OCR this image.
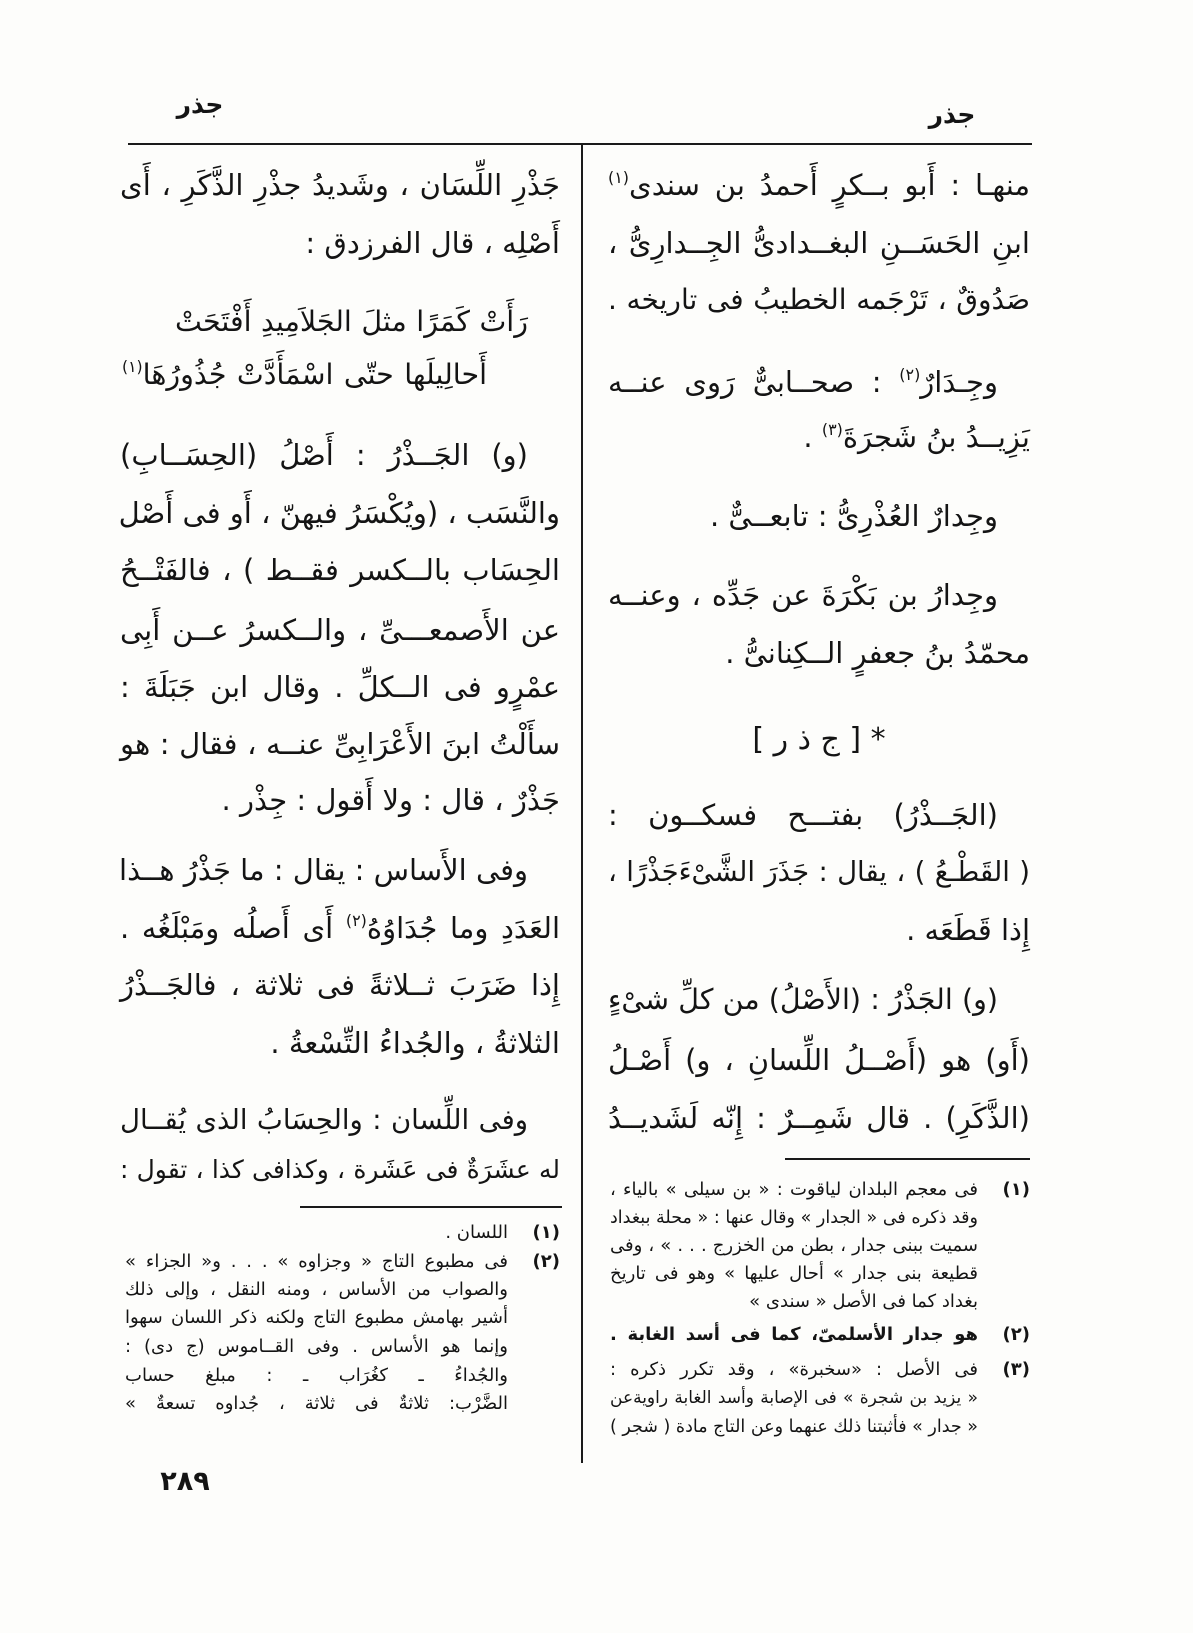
جذر
جذر
منهـا : أَبو بــكرٍ أَحمدُ بن سندى$^{(١)}$
ابنِ الحَسَــنِ البغــدادىُّ الجِــدارِىُّ ،
صَدُوقٌ ، تَرْجَمه الخطيبُ فى تاريخه .
وجِـدَارٌ$^{(٢)}$ : صحــابىٌّ رَوى عنــه
يَزِيــدُ بنُ شَجرَةَ$^{(٣)}$ .
وجِدارٌ العُذْرِىُّ : تابعــىٌّ .
وجِدارُ بن بَكْرَةَ عن جَدِّه ، وعنــه
محمّدُ بنُ جعفرٍ الــكِنانىُّ .
* [ ج ذ ر ]
(الجَــذْرُ) بفتـــح فسكــون :
( القَطْـعُ ) ، يقال : جَذَرَ الشَّىْءَجَذْرًا ،
إِذا قَطَعَه .
(و) الجَذْرُ : (الأَصْلُ) من كلِّ شىْءٍ
(أَو) هو (أَصْــلُ اللِّسانِ ، و) أَصْـلُ
(الذَّكَرِ) . قال شَمِــرٌ : إِنّه لَشَديــدُ
(١)
فى معجم البلدان لياقوت : « بن سيلى » بالياء ،
وقد ذكره فى « الجدار » وقال عنها : « محلة ببغداد
سميت ببنى جدار ، بطن من الخزرج . . . » ، وفى
قطيعة بنى جدار » أحال عليها » وهو فى تاريخ
بغداد كما فى الأصل « سندى »
(٢)
هو جدار الأسلمىّ، كما فى أسد الغابة .
(٣)
فى الأصل : «سخبرة» ، وقد تكرر ذكره :
« يزيد بن شجرة » فى الإصابة وأسد الغابة راويةعن
« جدار » فأثبتنا ذلك عنهما وعن التاج مادة ( شجر )
جَذْرِ اللِّسَان ، وشَديدُ جذْرِ الذَّكَرِ ، أَى
أَصْلِه ، قال الفرزدق :
رَأَتْ كَمَرًا مثلَ الجَلاَمِيدِ أَفْتَحَتْ
أَحالِيلَها حتّى اسْمَأَدَّتْ جُذُورُهَا$^{(١)}$
(و) الجَــذْرُ : أَصْلُ (الحِسَــابِ)
والنَّسَب ، (ويُكْسَرُ فيهنّ ، أَو فى أَصْل
الحِسَاب بالــكسر فقــط ) ، فالفَتْــحُ
عن الأَصمعـــىِّ ، والــكسرُ عــن أَبِى
عمْرٍو فى الــكلِّ . وقال ابن جَبَلَةَ :
سأَلْتُ ابنَ الأَعْرَابِىِّ عنــه ، فقال : هو
جَذْرٌ ، قال : ولا أَقول : جِذْر .
وفى الأَساس : يقال : ما جَذْرُ هــذا
العَدَدِ وما جُدَاوُهُ$^{(٢)}$ أَى أَصلُه ومَبْلَغُه .
إِذا ضَرَبَ ثــلاثةً فى ثلاثة ، فالجَــذْرُ
الثلاثةُ ، والجُداءُ التِّسْعةُ .
وفى اللِّسان : والحِسَابُ الذى يُقــال
له عشَرَةٌ فى عَشَرة ، وكذافى كذا ، تقول :
(١)
اللسان .
(٢)
فى مطبوع التاج « وجزاوه » . . . و« الجزاء »
والصواب من الأساس ، ومنه النقل ، وإلى ذلك
أشير بهامش مطبوع التاج ولكنه ذكر اللسان سهوا
وإنما هو الأساس . وفى القــاموس (ج دى) :
والجُداءُ ـ كغُرَاب ـ : مبلغ حساب
الضَّرْب: ثلاثةٌ فى ثلاثة ، جُداوه تسعةٌ »
٢٨٩
